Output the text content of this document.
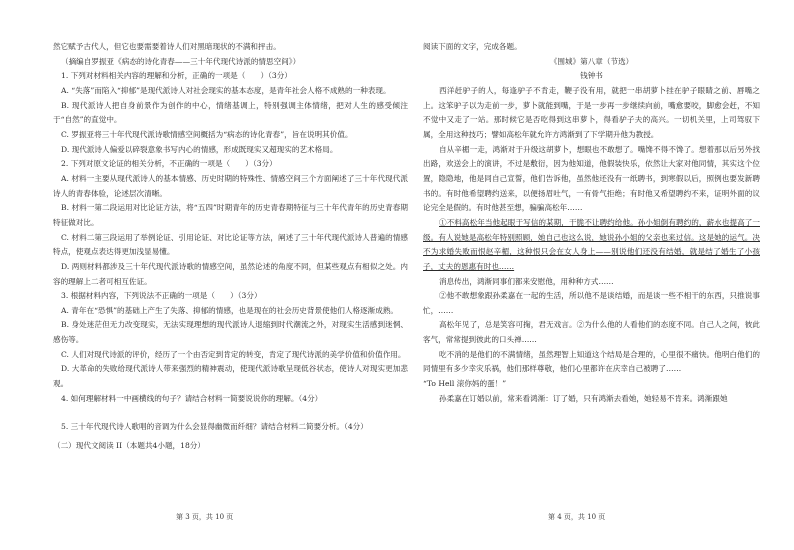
然它赋予古代人，但它也要需要着诗人们对黑暗现状的不满和抨击。

（摘编自罗振亚《病态的诗化青春——三十年代现代诗派的情思空间》）

1. 下列对材料相关内容的理解和分析，正确的一项是（　　）（3分）

A. “失落”而陷入“抑郁”是现代派诗人对社会现实的基本态度，是青年社会人格不成熟的一种表现。

B. 现代派诗人把自身前景作为创作的中心，情绪基调上，特别强调主体情绪，把对人生的感受倾注于“自然”的直觉中。

C. 罗振亚将三十年代现代派诗歌情感空间概括为“病态的诗化青春”，旨在说明其价值。

D. 现代派诗人偏爱以碎裂意象书写内心的情感，形成既现实又超现实的艺术格局。

2. 下列对原文论证的相关分析，不正确的一项是（　　）（3分）

A. 材料一主要从现代派诗人的基本情感、历史时期的特殊性、情感空间三个方面阐述了三十年代现代派诗人的青春体验，论述层次清晰。

B. 材料一第二段运用对比论证方法，将“五四”时期青年的历史青春期特征与三十年代青年的历史青春期特征做对比。

C. 材料二第三段运用了举例论证、引用论证、对比论证等方法，阐述了三十年代现代派诗人普遍的情感特点，使观点表达得更加浅显易懂。

D. 两则材料都涉及三十年代现代派诗歌的情感空间，虽然论述的角度不同，但某些观点有相似之处。内容的理解上二者可相互佐证。

3. 根据材料内容，下列说法不正确的一项是（　　）（3分）

A. 青年在“恐惧”的基础上产生了失落、抑郁的情感，也是现在的社会历史背景使他们人格逐渐成熟。

B. 身处迷茫但无力改变现实，无法实现理想的现代派诗人退缩到时代潮流之外，对现实生活感到迷惘、感伤等。

C. 人们对现代诗派的评价，经历了一个由否定到肯定的转变，肯定了现代诗派的美学价值和价值作用。

D. 大革命的失败给现代派诗人带来强烈的精神震动，使现代派诗歌呈现低谷状态，使诗人对现实更加悲观。

4. 如何理解材料一中画横线的句子？请结合材料一简要说说你的理解。（4分）

5. 三十年代现代诗人歌唱的音调为什么会显得幽微而纤细？请结合材料二简要分析。（4分）

（二）现代文阅读 II（本题共4小题，18分）

阅读下面的文字，完成各题。

《围城》第八章（节选）

钱钟书

西洋赶驴子的人，每逢驴子不肯走，鞭子没有用，就把一串胡萝卜挂在驴子眼睛之前、唇嘴之上。这笨驴子以为走前一步，萝卜就能到嘴，于是一步再一步继续向前，嘴愈要咬，脚愈会赶，不知不觉中又走了一站。那时候它是否吃得到这串萝卜，得看驴子夫的高兴。一切机关里，上司驾驭下属，全用这种技巧；譬如高松年就允许方鸿渐到了下学期升他为教授。

自从辛楣一走，鸿渐对于升级这胡萝卜，想眼也不敢想了。嘴馋不得不馋了。想着那以后另外找出路，欢送会上的演讲，不过是敷衍，因为他知道，他假装快乐，依然让大家对他同情，其实这个位置，隐隐地，他是同自己宣誓，他们告诉他，虽然他还没有一纸聘书，到寒假以后，照例也要发新聘书的。有时他希望聘约送来，以便扬眉吐气，一有骨气拒绝；有时他又希望聘约不来，证明外面的议论完全是假的。有时他甚至想，骗骗高松年……

①不料高松年当他起眼于写信的某期，干脆不让聘约给他。孙小姐倒有聘约的，薪水也提高了一级。有人说她是高松年特别照顾，她自己也这么说，她说孙小姐的父亲也来过信。这是她的运气。决不为求婚失败而恨赵辛楣，这种恨只会在女人身上——别说他们还没有结婚，就是结了婚生了小孩子，丈夫的恩惠有时也……

消息传出，鸿渐同事们都来安慰他，用种种方式……

②他不敢想象跟孙柔嘉在一起的生活，所以他不是谈结婚，而是谈一些不相干的东西，只推说事忙，……

高松年见了，总是笑容可掬，君无戏言。②为什么他的人看他们的态度不同。自己人之间，彼此客气，常常提到彼此的口头禅……

吃不消的是他们的不满情绪，虽然理智上知道这个结局是合理的，心里很不痛快。他明白他们的同情里有多少幸灾乐祸，他们那样尊敬，他们心里都许在庆幸自己被聘了……

“To Hell 滚你妈的蛋！”

孙柔嘉在订婚以前，常来看鸿渐：订了婚，只有鸿渐去看她，她轻易不肯来。鸿渐跟她

第 3 页，共 10 页	第 4 页，共 10 页
